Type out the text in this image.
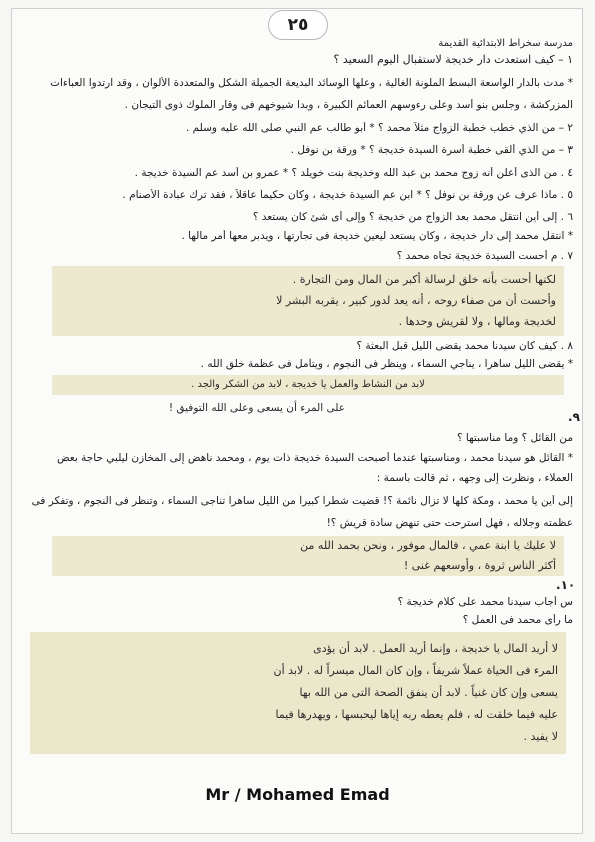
٢٥
مدرسة سخراط الابتدائية القديمة
١ – كيف استعدت دار خديجة لاستقبال اليوم السعيد ؟
* مدت بالدار الواسعة البسط الملونة الغالية ، وعلها الوسائد البديعة الجميلة الشكل والمتعددة الألوان ، وقد ارتدوا العباءات
المزركشة ، وجلس بنو أسد وعلى رءوسهم العمائم الكبيرة ، وبدا شيوخهم فى وقار الملوك ذوى التيجان .
٢ – من الذي خطب خطبة الزواج مثلاً محمد ؟ * أبو طالب عم النبي صلى الله عليه وسلم .
٣ – من الذي ألقى خطبة أسرة السيدة خديجة ؟ * ورقة بن نوفل .
٤ . من الذى أعلن أنه زوج محمد بن عبد الله وخديجة بنت خويلد ؟ * عمرو بن أسد عم السيدة خديجة .
٥ . ماذا عرف عن ورقة بن نوفل ؟ * ابن عم السيدة خديجة ، وكان حكيماً عاقلاً ، فقد ترك عبادة الأصنام .
٦ . إلى أين انتقل محمد بعد الزواج من خديجة ؟ وإلى أى شئ كان يستعد ؟
* انتقل محمد إلى دار خديجة ، وكان يستعد ليعين خديجة فى تجارتها ، ويدبر معها أمر مالها .
٧ . م أحست السيدة خديجة تجاه محمد ؟
لكنها أحست بأنه خلق لرسالة أكبر من المال ومن التجارة .
وأحست أن من صفاء روحه ، أنه يعد لدور كبير ، يقربه البشر لا
لخديجة ومالها ، ولا لقريش وحدها .
٨ . كيف كان سيدنا محمد يقضى الليل قبل البعثة ؟
* يقضى الليل ساهراً ، يناجي السماء ، وينظر فى النجوم ، ويتأمل فى عظمة خلق الله .
لابد من النشاط والعمل يا خديجة ، لابد من الشكر والجد .
على المرء أن يسعى وعلى الله التوفيق !
٩.
من القائل ؟ وما مناسبتها ؟
* القائل هو سيدنا محمد ، ومناسبتها عندما أصبحت السيدة خديجة ذات يوم ، ومحمد ناهض إلى المخازن ليلبي حاجة بعض
العملاء ، ونظرت إلى وجهه ، ثم قالت باسمة :
إلى أين يا محمد ، ومكة كلها لا تزال نائمة ؟! قضيت شطراً كبيراً من الليل ساهراً تناجى السماء ، وتنظر فى النجوم ، وتفكر فى
عظمته وجلاله ، فهل استرحت حتى تنهض سادة قريش ؟!
لا عليك يا ابنة عمي ، فالمال موفور ، ونحن بحمد الله من
أكثر الناس ثروة ، وأوسعهم غنى !
١٠.
س أجاب سيدنا محمد على كلام خديجة ؟
ما رأى محمد فى العمل ؟
لا أريد المال يا خديجة ، وإنما أريد العمل . لابد أن يؤدى
المرء فى الحياة عملاً شريفاً ، وإن كان المال ميسراً له . لابد أن
يسعى وإن كان غنياً . لابد أن ينفق الصحة التى من الله بها
عليه فيما خلقت له ، فلم يعطه ربه إياها ليحبسها ، ويهدرها فيما
لا يفيد .
Mr / Mohamed Emad
